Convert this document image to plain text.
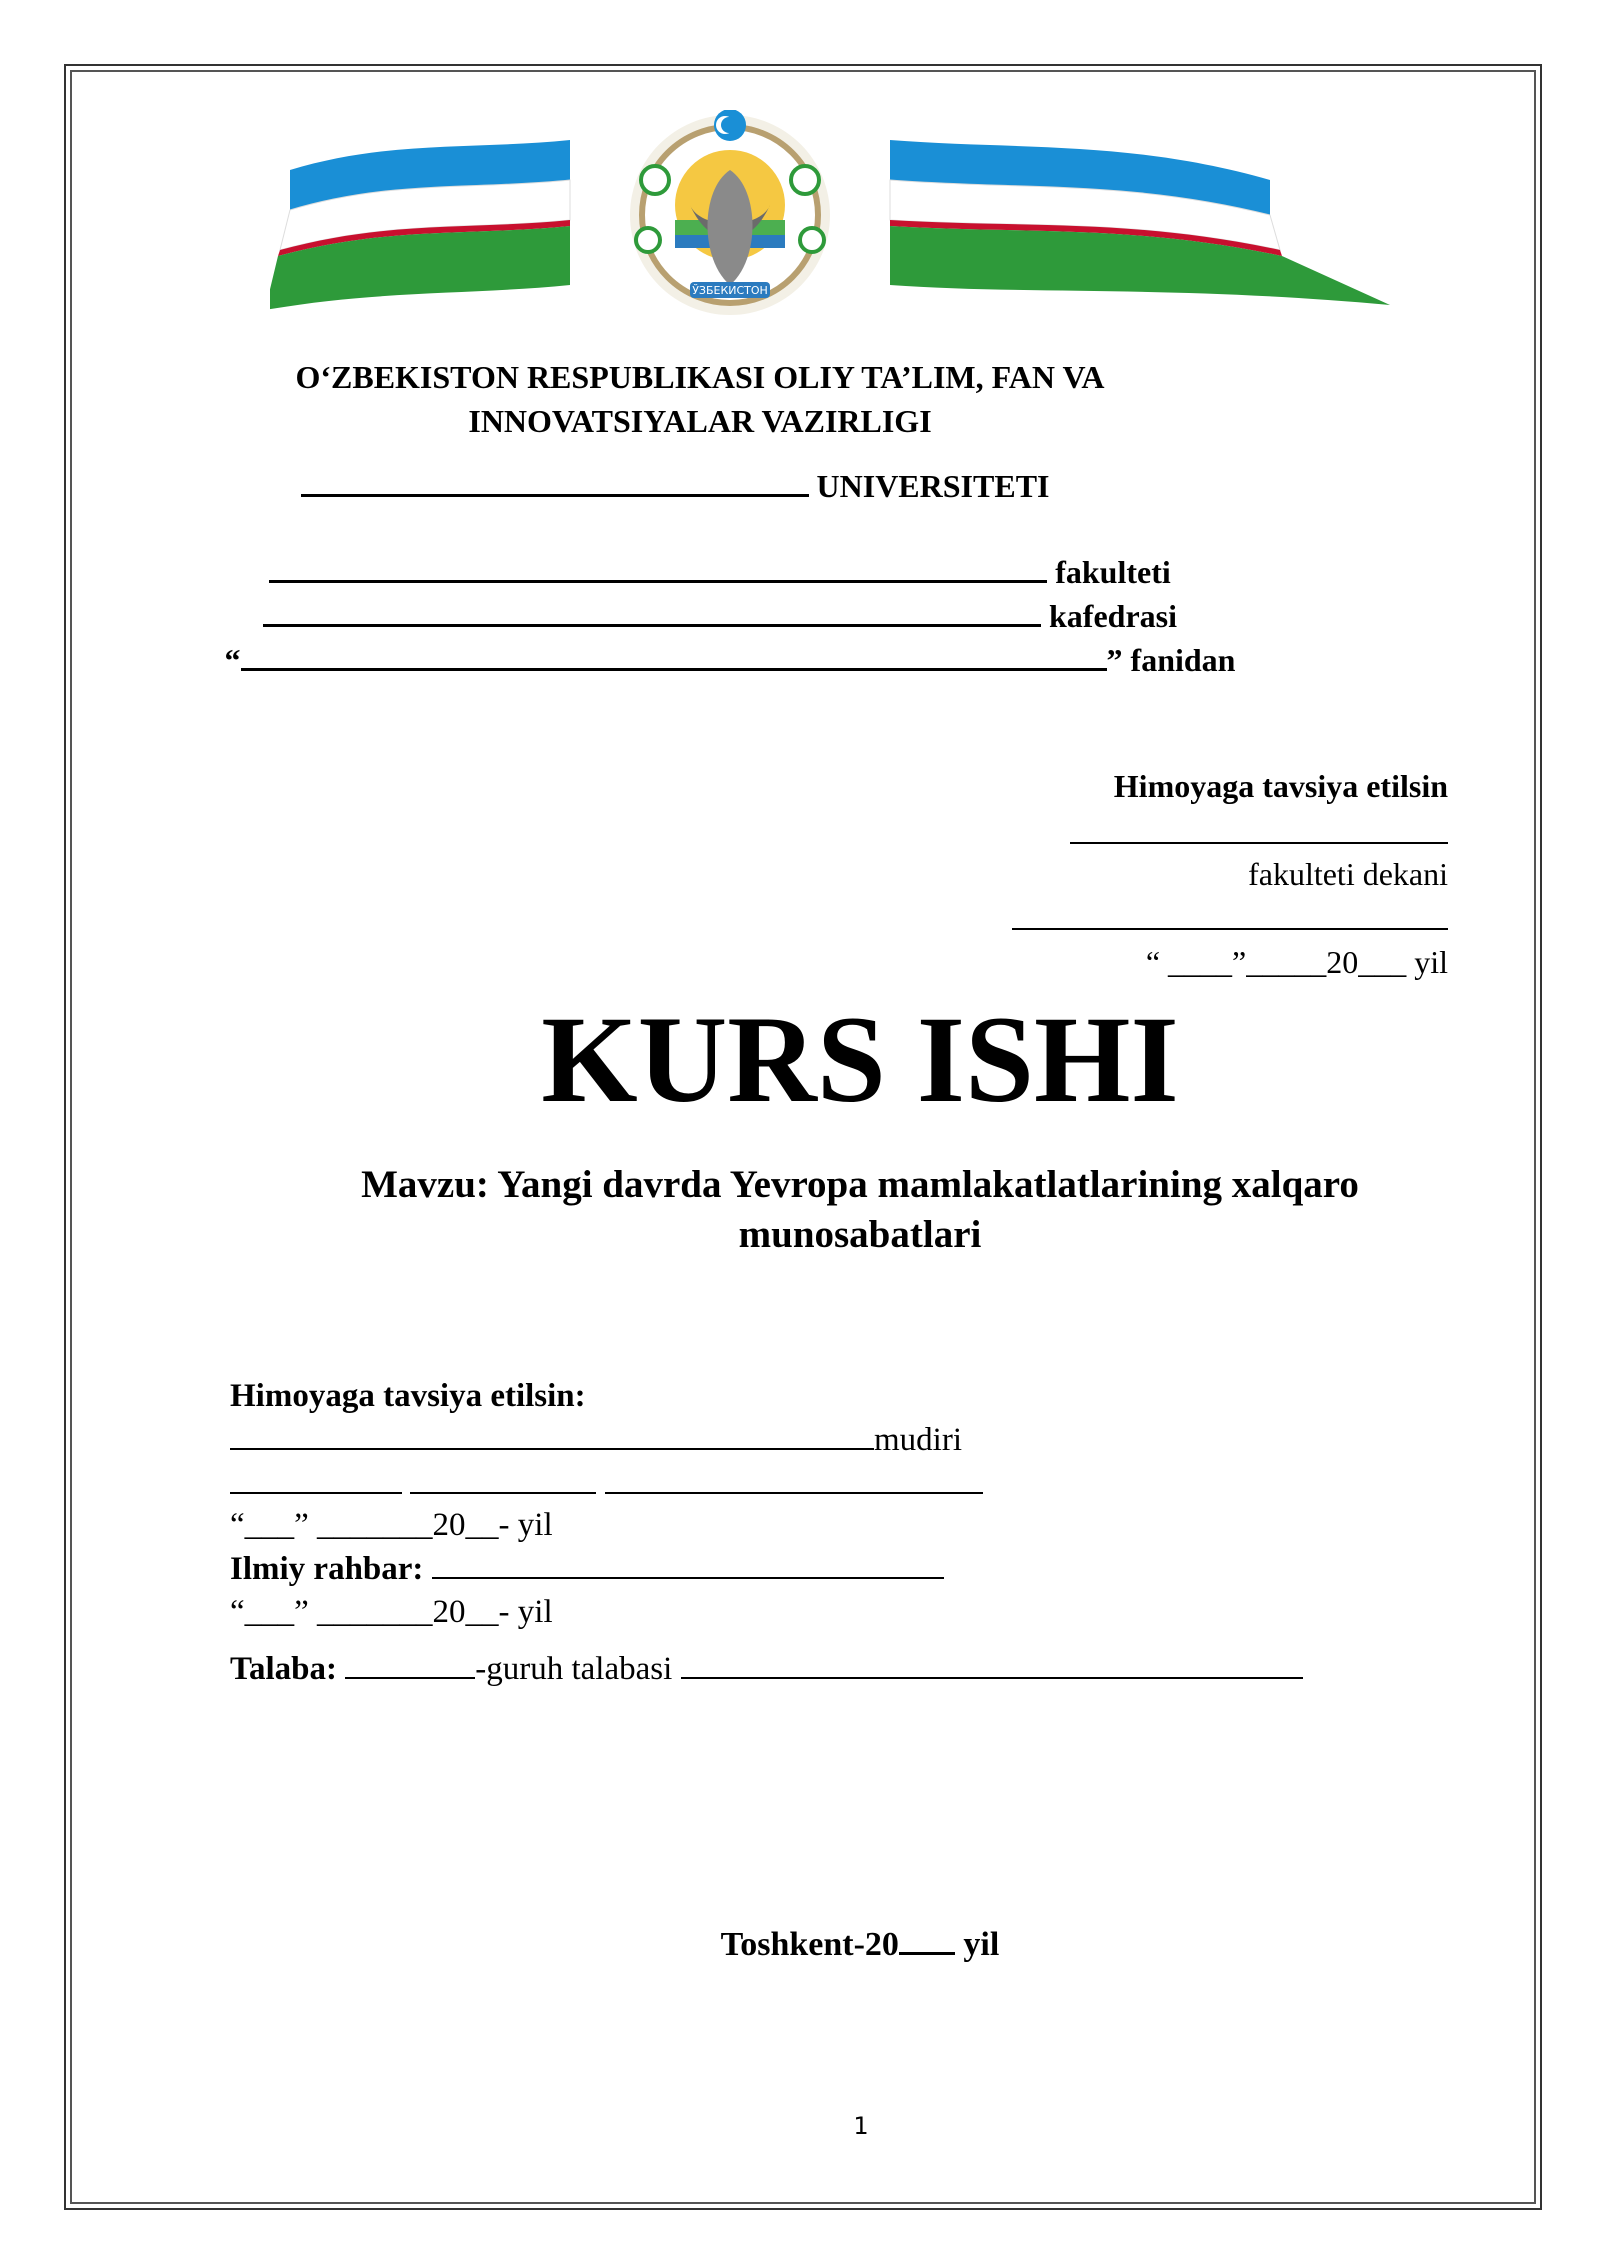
ЎЗБЕКИСТОН
O‘ZBEKISTON RESPUBLIKASI OLIY TA’LIM, FAN VA
INNOVATSIYALAR VAZIRLIGI
UNIVERSITETI
fakulteti
kafedrasi
“	” fanidan
Himoyaga tavsiya etilsin
fakulteti dekani
“ ____”_____20___ yil
KURS ISHI
Mavzu: Yangi davrda Yevropa mamlakatlatlarining xalqaro
munosabatlari
Himoyaga tavsiya etilsin:
mudiri

“___” _______20__- yil
Ilmiy rahbar:
“___” _______20__- yil
Talaba:	-guruh talabasi
Toshkent-20 yil
1
